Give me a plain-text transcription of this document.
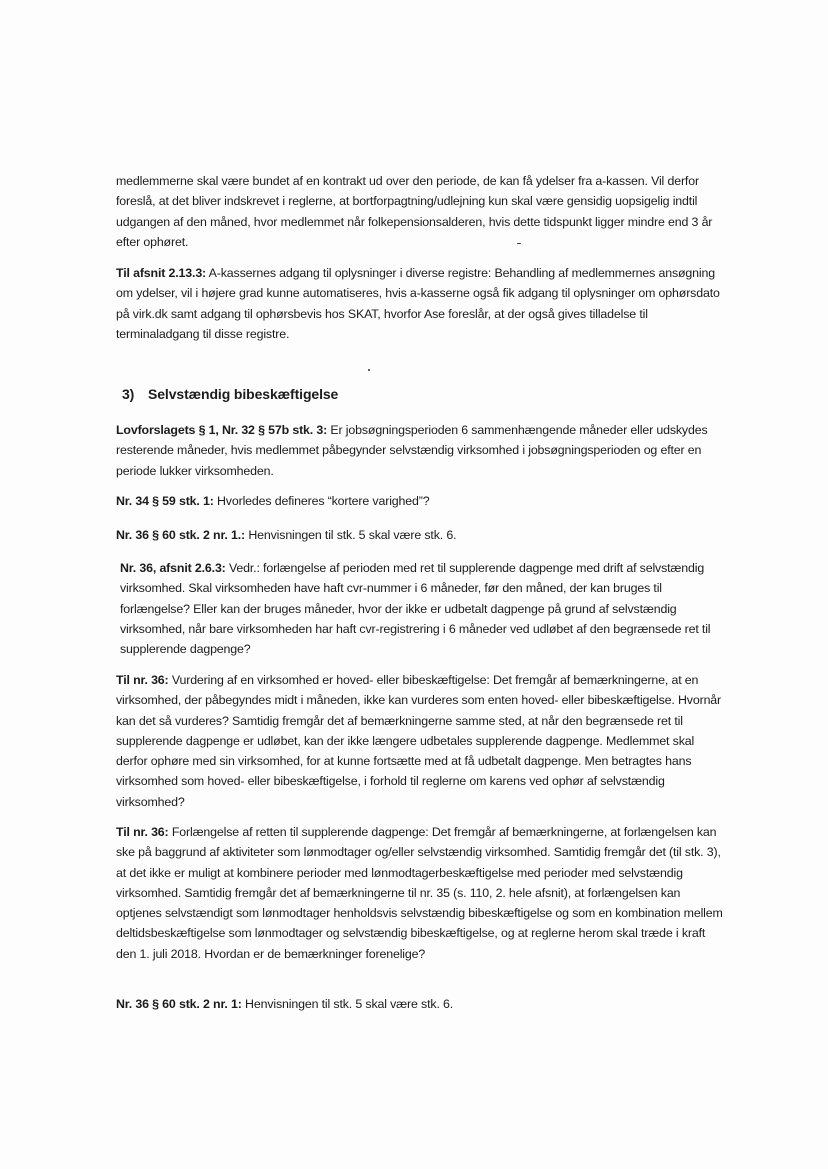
medlemmerne skal være bundet af en kontrakt ud over den periode, de kan få ydelser fra a-kassen. Vil derfor foreslå, at det bliver indskrevet i reglerne, at bortforpagtning/udlejning kun skal være gensidig uopsigelig indtil udgangen af den måned, hvor medlemmet når folkepensionsalderen, hvis dette tidspunkt ligger mindre end 3 år efter ophøret.

Til afsnit 2.13.3: A-kassernes adgang til oplysninger i diverse registre: Behandling af medlemmernes ansøgning om ydelser, vil i højere grad kunne automatiseres, hvis a-kasserne også fik adgang til oplysninger om ophørsdato på virk.dk samt adgang til ophørsbevis hos SKAT, hvorfor Ase foreslår, at der også gives tilladelse til terminaladgang til disse registre.

3) Selvstændig bibeskæftigelse

Lovforslagets § 1, Nr. 32 § 57b stk. 3: Er jobsøgningsperioden 6 sammenhængende måneder eller udskydes resterende måneder, hvis medlemmet påbegynder selvstændig virksomhed i jobsøgningsperioden og efter en periode lukker virksomheden.

Nr. 34 § 59 stk. 1: Hvorledes defineres “kortere varighed”?

Nr. 36 § 60 stk. 2 nr. 1.: Henvisningen til stk. 5 skal være stk. 6.

Nr. 36, afsnit 2.6.3: Vedr.: forlængelse af perioden med ret til supplerende dagpenge med drift af selvstændig virksomhed. Skal virksomheden have haft cvr-nummer i 6 måneder, før den måned, der kan bruges til forlængelse? Eller kan der bruges måneder, hvor der ikke er udbetalt dagpenge på grund af selvstændig virksomhed, når bare virksomheden har haft cvr-registrering i 6 måneder ved udløbet af den begrænsede ret til supplerende dagpenge?

Til nr. 36: Vurdering af en virksomhed er hoved- eller bibeskæftigelse: Det fremgår af bemærkningerne, at en virksomhed, der påbegyndes midt i måneden, ikke kan vurderes som enten hoved- eller bibeskæftigelse. Hvornår kan det så vurderes? Samtidig fremgår det af bemærkningerne samme sted, at når den begrænsede ret til supplerende dagpenge er udløbet, kan der ikke længere udbetales supplerende dagpenge. Medlemmet skal derfor ophøre med sin virksomhed, for at kunne fortsætte med at få udbetalt dagpenge. Men betragtes hans virksomhed som hoved- eller bibeskæftigelse, i forhold til reglerne om karens ved ophør af selvstændig virksomhed?

Til nr. 36: Forlængelse af retten til supplerende dagpenge: Det fremgår af bemærkningerne, at forlængelsen kan ske på baggrund af aktiviteter som lønmodtager og/eller selvstændig virksomhed. Samtidig fremgår det (til stk. 3), at det ikke er muligt at kombinere perioder med lønmodtagerbeskæftigelse med perioder med selvstændig virksomhed. Samtidig fremgår det af bemærkningerne til nr. 35 (s. 110, 2. hele afsnit), at forlængelsen kan optjenes selvstændigt som lønmodtager henholdsvis selvstændig bibeskæftigelse og som en kombination mellem deltidsbeskæftigelse som lønmodtager og selvstændig bibeskæftigelse, og at reglerne herom skal træde i kraft den 1. juli 2018. Hvordan er de bemærkninger forenelige?

Nr. 36 § 60 stk. 2 nr. 1: Henvisningen til stk. 5 skal være stk. 6.
